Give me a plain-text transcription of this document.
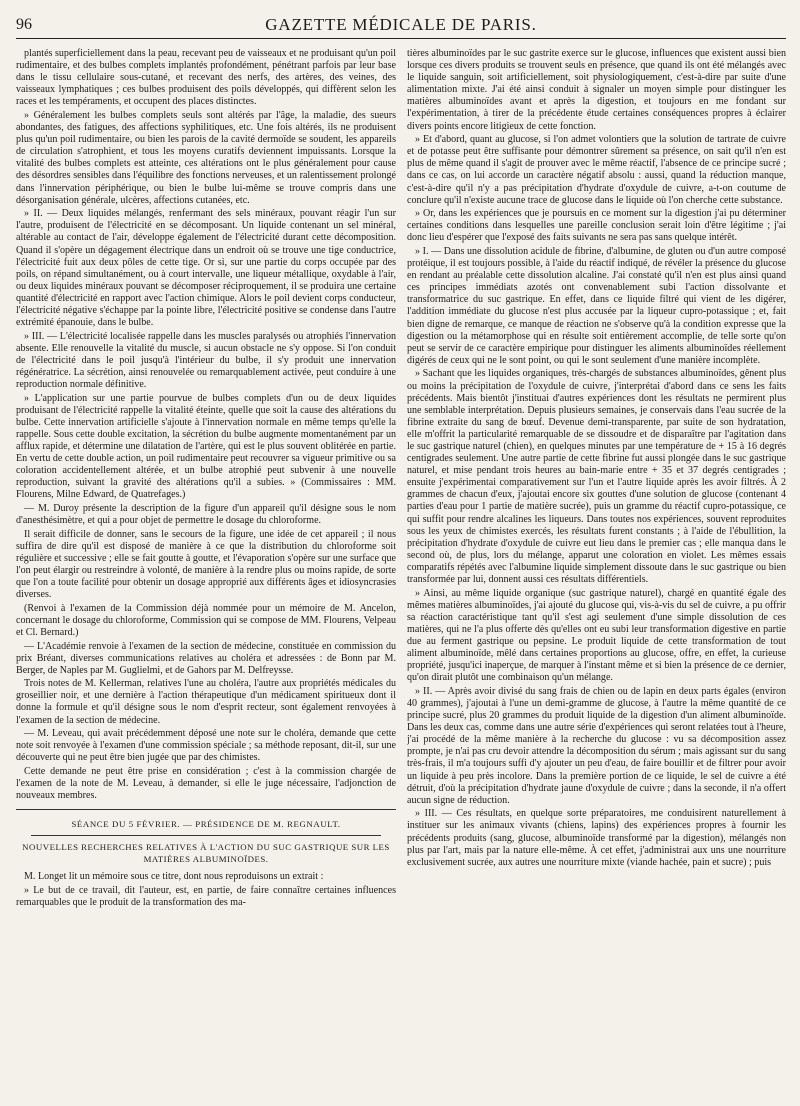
96	GAZETTE MÉDICALE DE PARIS.

plantés superficiellement dans la peau, recevant peu de vaisseaux et ne produisant qu'un poil rudimentaire, et des bulbes complets implantés profondément, pénétrant parfois par leur base dans le tissu cellulaire sous-cutané, et recevant des nerfs, des artères, des veines, des vaisseaux lymphatiques ; ces bulbes produisent des poils développés, qui diffèrent selon les races et les tempéraments, et occupent des places distinctes.

» Généralement les bulbes complets seuls sont altérés par l'âge, la maladie, des sueurs abondantes, des fatigues, des affections syphilitiques, etc. Une fois altérés, ils ne produisent plus qu'un poil rudimentaire, ou bien les parois de la cavité dermoïde se soudent, les appareils de circulation s'atrophient, et tous les moyens curatifs deviennent impuissants. Lorsque la vitalité des bulbes complets est atteinte, ces altérations ont le plus généralement pour cause des désordres sensibles dans l'équilibre des fonctions nerveuses, et un ralentissement prolongé dans l'innervation périphérique, ou bien le bulbe lui-même se trouve compris dans une désorganisation générale, ulcères, affections cutanées, etc.

» II. — Deux liquides mélangés, renfermant des sels minéraux, pouvant réagir l'un sur l'autre, produisent de l'électricité en se décomposant. Un liquide contenant un sel minéral, altérable au contact de l'air, développe également de l'électricité durant cette décomposition. Quand il s'opère un dégagement électrique dans un endroit où se trouve une tige conductrice, l'électricité fuit aux deux pôles de cette tige. Or si, sur une partie du corps occupée par des poils, on répand simultanément, ou à court intervalle, une liqueur métallique, oxydable à l'air, ou deux liquides minéraux pouvant se décomposer réciproquement, il se produira une certaine quantité d'électricité en rapport avec l'action chimique. Alors le poil devient corps conducteur, l'électricité négative s'échappe par la pointe libre, l'électricité positive se condense dans l'autre extrémité épanouie, dans le bulbe.

» III. — L'électricité localisée rappelle dans les muscles paralysés ou atrophiés l'innervation absente. Elle renouvelle la vitalité du muscle, si aucun obstacle ne s'y oppose. Si l'on conduit de l'électricité dans le poil jusqu'à l'intérieur du bulbe, il s'y produit une innervation régénératrice. La sécrétion, ainsi renouvelée ou remarquablement activée, peut conduire à une reproduction normale définitive.

» L'application sur une partie pourvue de bulbes complets d'un ou de deux liquides produisant de l'électricité rappelle la vitalité éteinte, quelle que soit la cause des altérations du bulbe. Cette innervation artificielle s'ajoute à l'innervation normale en même temps qu'elle la rappelle. Sous cette double excitation, la sécrétion du bulbe augmente momentanément par un afflux rapide, et détermine une dilatation de l'artère, qui est le plus souvent oblitérée en partie. En vertu de cette double action, un poil rudimentaire peut recouvrer sa vigueur primitive ou sa coloration accidentellement altérée, et un bulbe atrophié peut subvenir à une nouvelle reproduction, suivant la gravité des altérations qu'il a subies. » (Commissaires : MM. Flourens, Milne Edward, de Quatrefages.)

— M. Duroy présente la description de la figure d'un appareil qu'il désigne sous le nom d'anesthésimètre, et qui a pour objet de permettre le dosage du chloroforme.

Il serait difficile de donner, sans le secours de la figure, une idée de cet appareil ; il nous suffira de dire qu'il est disposé de manière à ce que la distribution du chloroforme soit régulière et successive ; elle se fait goutte à goutte, et l'évaporation s'opère sur une surface que l'on peut élargir ou restreindre à volonté, de manière à la rendre plus ou moins rapide, de sorte que l'on a toute facilité pour obtenir un dosage approprié aux différents âges et idiosyncrasies diverses.

(Renvoi à l'examen de la Commission déjà nommée pour un mémoire de M. Ancelon, concernant le dosage du chloroforme, Commission qui se compose de MM. Flourens, Velpeau et Cl. Bernard.)

— L'Académie renvoie à l'examen de la section de médecine, constituée en commission du prix Bréant, diverses communications relatives au choléra et adressées : de Bonn par M. Berger, de Naples par M. Guglielmi, et de Gahors par M. Delfreysse.

Trois notes de M. Kellerman, relatives l'une au choléra, l'autre aux propriétés médicales du groseillier noir, et une dernière à l'action thérapeutique d'un médicament spiritueux dont il donne la formule et qu'il désigne sous le nom d'esprit recteur, sont également renvoyées à l'examen de la section de médecine.

— M. Leveau, qui avait précédemment déposé une note sur le choléra, demande que cette note soit renvoyée à l'examen d'une commission spéciale ; sa méthode reposant, dit-il, sur une découverte qui ne peut être bien jugée que par des chimistes.

Cette demande ne peut être prise en considération ; c'est à la commission chargée de l'examen de la note de M. Leveau, à demander, si elle le juge nécessaire, l'adjonction de nouveaux membres.

SÉANCE DU 5 FÉVRIER. — PRÉSIDENCE DE M. REGNAULT.

NOUVELLES RECHERCHES RELATIVES À L'ACTION DU SUC GASTRIQUE SUR LES MATIÈRES ALBUMINOÏDES.

M. Longet lit un mémoire sous ce titre, dont nous reproduisons un extrait :

» Le but de ce travail, dit l'auteur, est, en partie, de faire connaître certaines influences remarquables que le produit de la transformation des ma-

tières albuminoïdes par le suc gastrite exerce sur le glucose, influences que existent aussi bien lorsque ces divers produits se trouvent seuls en présence, que quand ils ont été mélangés avec le liquide sanguin, soit artificiellement, soit physiologiquement, c'est-à-dire par suite d'une alimentation mixte. J'ai été ainsi conduit à signaler un moyen simple pour distinguer les matières albuminoïdes avant et après la digestion, et toujours en me fondant sur l'expérimentation, à tirer de la précédente étude certaines conséquences propres à éclairer divers points encore litigieux de cette fonction.

» Et d'abord, quant au glucose, si l'on admet volontiers que la solution de tartrate de cuivre et de potasse peut être suffisante pour démontrer sûrement sa présence, on sait qu'il n'en est plus de même quand il s'agit de prouver avec le même réactif, l'absence de ce principe sucré ; dans ce cas, on lui accorde un caractère négatif absolu : aussi, quand la réduction manque, c'est-à-dire qu'il n'y a pas précipitation d'hydrate d'oxydule de cuivre, a-t-on coutume de conclure qu'il n'existe aucune trace de glucose dans le liquide où l'on cherche cette substance.

» Or, dans les expériences que je poursuis en ce moment sur la digestion j'ai pu déterminer certaines conditions dans lesquelles une pareille conclusion serait loin d'être légitime ; j'ai donc lieu d'espérer que l'exposé des faits suivants ne sera pas sans quelque intérêt.

» I. — Dans une dissolution acidule de fibrine, d'albumine, de gluten ou d'un autre composé protéique, il est toujours possible, à l'aide du réactif indiqué, de révéler la présence du glucose en rendant au préalable cette dissolution alcaline. J'ai constaté qu'il n'en est plus ainsi quand ces principes immédiats azotés ont convenablement subi l'action dissolvante et transformatrice du suc gastrique. En effet, dans ce liquide filtré qui vient de les digérer, l'addition immédiate du glucose n'est plus accusée par la liqueur cupro-potassique ; et, fait bien digne de remarque, ce manque de réaction ne s'observe qu'à la condition expresse que la digestion ou la métamorphose qui en résulte soit entièrement accomplie, de telle sorte qu'on peut se servir de ce caractère empirique pour distinguer les aliments albuminoïdes réellement digérés de ceux qui ne le sont point, ou qui le sont seulement d'une manière incomplète.

» Sachant que les liquides organiques, très-chargés de substances albuminoïdes, gênent plus ou moins la précipitation de l'oxydule de cuivre, j'interprétai d'abord dans ce sens les faits précédents. Mais bientôt j'instituai d'autres expériences dont les résultats ne permirent plus une semblable interprétation. Depuis plusieurs semaines, je conservais dans l'eau sucrée de la fibrine extraite du sang de bœuf. Devenue demi-transparente, par suite de son hydratation, elle m'offrit la particularité remarquable de se dissoudre et de disparaître par l'agitation dans le suc gastrique naturel (chien), en quelques minutes par une température de + 15 à 16 degrés centigrades seulement. Une autre partie de cette fibrine fut aussi plongée dans le suc gastrique naturel, et mise pendant trois heures au bain-marie entre + 35 et 37 degrés centigrades ; ensuite j'expérimentai comparativement sur l'un et l'autre liquide après les avoir filtrés. À 2 grammes de chacun d'eux, j'ajoutai encore six gouttes d'une solution de glucose (contenant 4 parties d'eau pour 1 partie de matière sucrée), puis un gramme du réactif cupro-potassique, ce qui suffit pour rendre alcalines les liqueurs. Dans toutes nos expériences, souvent reproduites sous les yeux de chimistes exercés, les résultats furent constants ; à l'aide de l'ébullition, la précipitation d'hydrate d'oxydule de cuivre eut lieu dans le premier cas ; elle manqua dans le second où, de plus, lors du mélange, apparut une coloration en violet. Les mêmes essais comparatifs répétés avec l'albumine liquide simplement dissoute dans le suc gastrique ou bien transformée par lui, donnent aussi ces résultats différentiels.

» Ainsi, au même liquide organique (suc gastrique naturel), chargé en quantité égale des mêmes matières albuminoïdes, j'ai ajouté du glucose qui, vis-à-vis du sel de cuivre, a pu offrir sa réaction caractéristique tant qu'il s'est agi seulement d'une simple dissolution de ces matières, qui ne l'a plus offerte dès qu'elles ont eu subi leur transformation digestive en partie due au ferment gastrique ou pepsine. Le produit liquide de cette transformation de tout aliment albuminoïde, mêlé dans certaines proportions au glucose, offre, en effet, la curieuse propriété, jusqu'ici inaperçue, de marquer à l'instant même et si bien la présence de ce dernier, qu'on dirait plutôt une combinaison qu'un mélange.

» II. — Après avoir divisé du sang frais de chien ou de lapin en deux parts égales (environ 40 grammes), j'ajoutai à l'une un demi-gramme de glucose, à l'autre la même quantité de ce principe sucré, plus 20 grammes du produit liquide de la digestion d'un aliment albuminoïde. Dans les deux cas, comme dans une autre série d'expériences qui seront relatées tout à l'heure, j'ai procédé de la même manière à la recherche du glucose : vu sa décomposition assez prompte, je n'ai pas cru devoir attendre la décomposition du sérum ; mais agissant sur du sang très-frais, il m'a toujours suffi d'y ajouter un peu d'eau, de faire bouillir et de filtrer pour avoir un liquide à peu près incolore. Dans la première portion de ce liquide, le sel de cuivre a été détruit, d'où la précipitation d'hydrate jaune d'oxydule de cuivre ; dans la seconde, il n'a offert aucun signe de réduction.

» III. — Ces résultats, en quelque sorte préparatoires, me conduisirent naturellement à instituer sur les animaux vivants (chiens, lapins) des expériences propres à fournir les précédents produits (sang, glucose, albuminoïde transformé par la digestion), mélangés non plus par l'art, mais par la nature elle-même. À cet effet, j'administrai aux uns une nourriture exclusivement sucrée, aux autres une nourriture mixte (viande hachée, pain et sucre) ; puis
